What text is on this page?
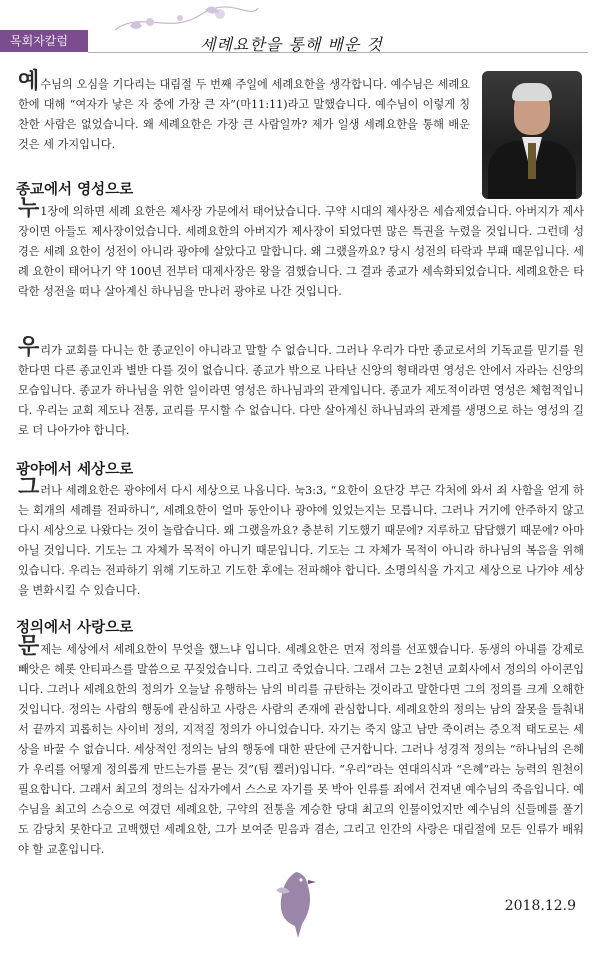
목회자칼럼	세례요한을 통해 배운 것

예수님의 오심을 기다리는 대림절 두 번째 주일에 세례요한을 생각합니다. 예수님은 세례요한에 대해 “여자가 낳은 자 중에 가장 큰 자”(마11:11)라고 말했습니다. 예수님이 이렇게 칭찬한 사람은 없었습니다. 왜 세례요한은 가장 큰 사람일까? 제가 일생 세례요한을 통해 배운 것은 세 가지입니다.

종교에서 영성으로

누1장에 의하면 세례 요한은 제사장 가문에서 태어났습니다. 구약 시대의 제사장은 세습제였습니다. 아버지가 제사장이면 아들도 제사장이었습니다. 세례요한의 아버지가 제사장이 되었다면 많은 특권을 누렸을 것입니다. 그런데 성경은 세례 요한이 성전이 아니라 광야에 살았다고 말합니다. 왜 그랬을까요? 당시 성전의 타락과 부패 때문입니다. 세례 요한이 태어나기 약 100년 전부터 대제사장은 왕을 겸했습니다. 그 결과 종교가 세속화되었습니다. 세례요한은 타락한 성전을 떠나 살아계신 하나님을 만나러 광야로 나간 것입니다.

우리가 교회를 다니는 한 종교인이 아니라고 말할 수 없습니다. 그러나 우리가 다만 종교로서의 기독교를 믿기를 원한다면 다른 종교인과 별반 다를 것이 없습니다. 종교가 밖으로 나타난 신앙의 형태라면 영성은 안에서 자라는 신앙의 모습입니다. 종교가 하나님을 위한 일이라면 영성은 하나님과의 관계입니다. 종교가 제도적이라면 영성은 체험적입니다. 우리는 교회 제도나 전통, 교리를 무시할 수 없습니다. 다만 살아계신 하나님과의 관계를 생명으로 하는 영성의 길로 더 나아가야 합니다.

광야에서 세상으로

그러나 세례요한은 광야에서 다시 세상으로 나옵니다. 눅3:3, “요한이 요단강 부근 각처에 와서 죄 사함을 얻게 하는 회개의 세례를 전파하니”, 세례요한이 얼마 동안이나 광야에 있었는지는 모릅니다. 그러나 거기에 안주하지 않고 다시 세상으로 나왔다는 것이 놀랍습니다. 왜 그랬을까요? 충분히 기도했기 때문에? 지루하고 답답했기 때문에? 아마 아닐 것입니다. 기도는 그 자체가 목적이 아니기 때문입니다. 기도는 그 자체가 목적이 아니라 하나님의 복음을 위해 있습니다. 우리는 전파하기 위해 기도하고 기도한 후에는 전파해야 합니다. 소명의식을 가지고 세상으로 나가야 세상을 변화시킬 수 있습니다.

정의에서 사랑으로

문제는 세상에서 세례요한이 무엇을 했느냐 입니다. 세례요한은 먼저 정의를 선포했습니다. 동생의 아내를 강제로 빼앗은 헤롯 안티파스를 말씀으로 꾸짖었습니다. 그리고 죽었습니다. 그래서 그는 2천년 교회사에서 정의의 아이콘입니다. 그러나 세례요한의 정의가 오늘날 유행하는 남의 비리를 규탄하는 것이라고 말한다면 그의 정의를 크게 오해한 것입니다. 정의는 사람의 행동에 관심하고 사랑은 사람의 존재에 관심합니다. 세례요한의 정의는 남의 잘못을 들춰내서 끝까지 괴롭히는 사이비 정의, 지적질 정의가 아니었습니다. 자기는 죽지 않고 남만 죽이려는 증오적 태도로는 세상을 바꿀 수 없습니다. 세상적인 정의는 남의 행동에 대한 판단에 근거합니다. 그러나 성경적 정의는 “하나님의 은혜가 우리를 어떻게 정의롭게 만드는가를 묻는 것”(팀 켈러)입니다. “우리”라는 연대의식과 “은혜”라는 능력의 원천이 필요합니다. 그래서 최고의 정의는 십자가에서 스스로 자기를 못 박아 인류를 죄에서 건져낸 예수님의 죽음입니다. 예수님을 최고의 스승으로 여겼던 세례요한, 구약의 전통을 계승한 당대 최고의 인물이었지만 예수님의 신들메를 풀기도 감당치 못한다고 고백했던 세례요한, 그가 보여준 믿음과 겸손, 그리고 인간의 사랑은 대림절에 모든 인류가 배워야 할 교훈입니다.

2018.12.9
